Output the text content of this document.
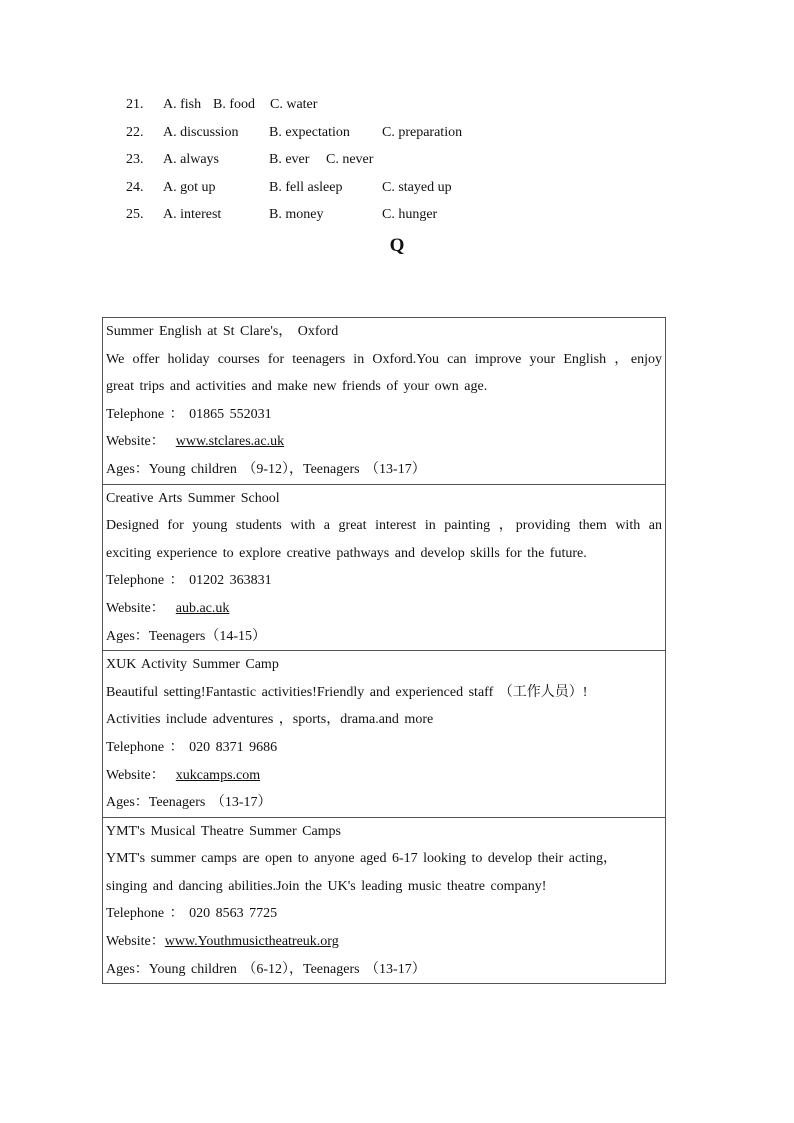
21. A. fish B. food C. water
22. A. discussion B. expectation C. preparation
23. A. always	B. ever C. never
24. A. got up	B. fell asleep	C. stayed up
25. A. interest	B. money	C. hunger
Q
Summer English at St Clare's， Oxford
We offer holiday courses for teenagers in Oxford.You can improve your English ，enjoy
great trips and activities and make new friends of your own age.
Telephone ： 01865 552031
Website： www.stclares.ac.uk
Ages：Young children （9-12），Teenagers （13-17）

Creative Arts Summer School
Designed for young students with a great interest in painting ，providing them with an
exciting experience to explore creative pathways and develop skills for the future.
Telephone ： 01202 363831
Website： aub.ac.uk
Ages：Teenagers（14-15）

XUK Activity Summer Camp
Beautiful setting!Fantastic activities!Friendly and experienced staff （工作人员）!
Activities include adventures ，sports，drama.and more
Telephone ： 020 8371 9686
Website： xukcamps.com
Ages：Teenagers （13-17）

YMT's Musical Theatre Summer Camps
YMT's summer camps are open to anyone aged 6-17 looking to develop their acting，
singing and dancing abilities.Join the UK's leading music theatre company!
Telephone ： 020 8563 7725
Website：www.Youthmusictheatreuk.org
Ages：Young children （6-12），Teenagers （13-17）
